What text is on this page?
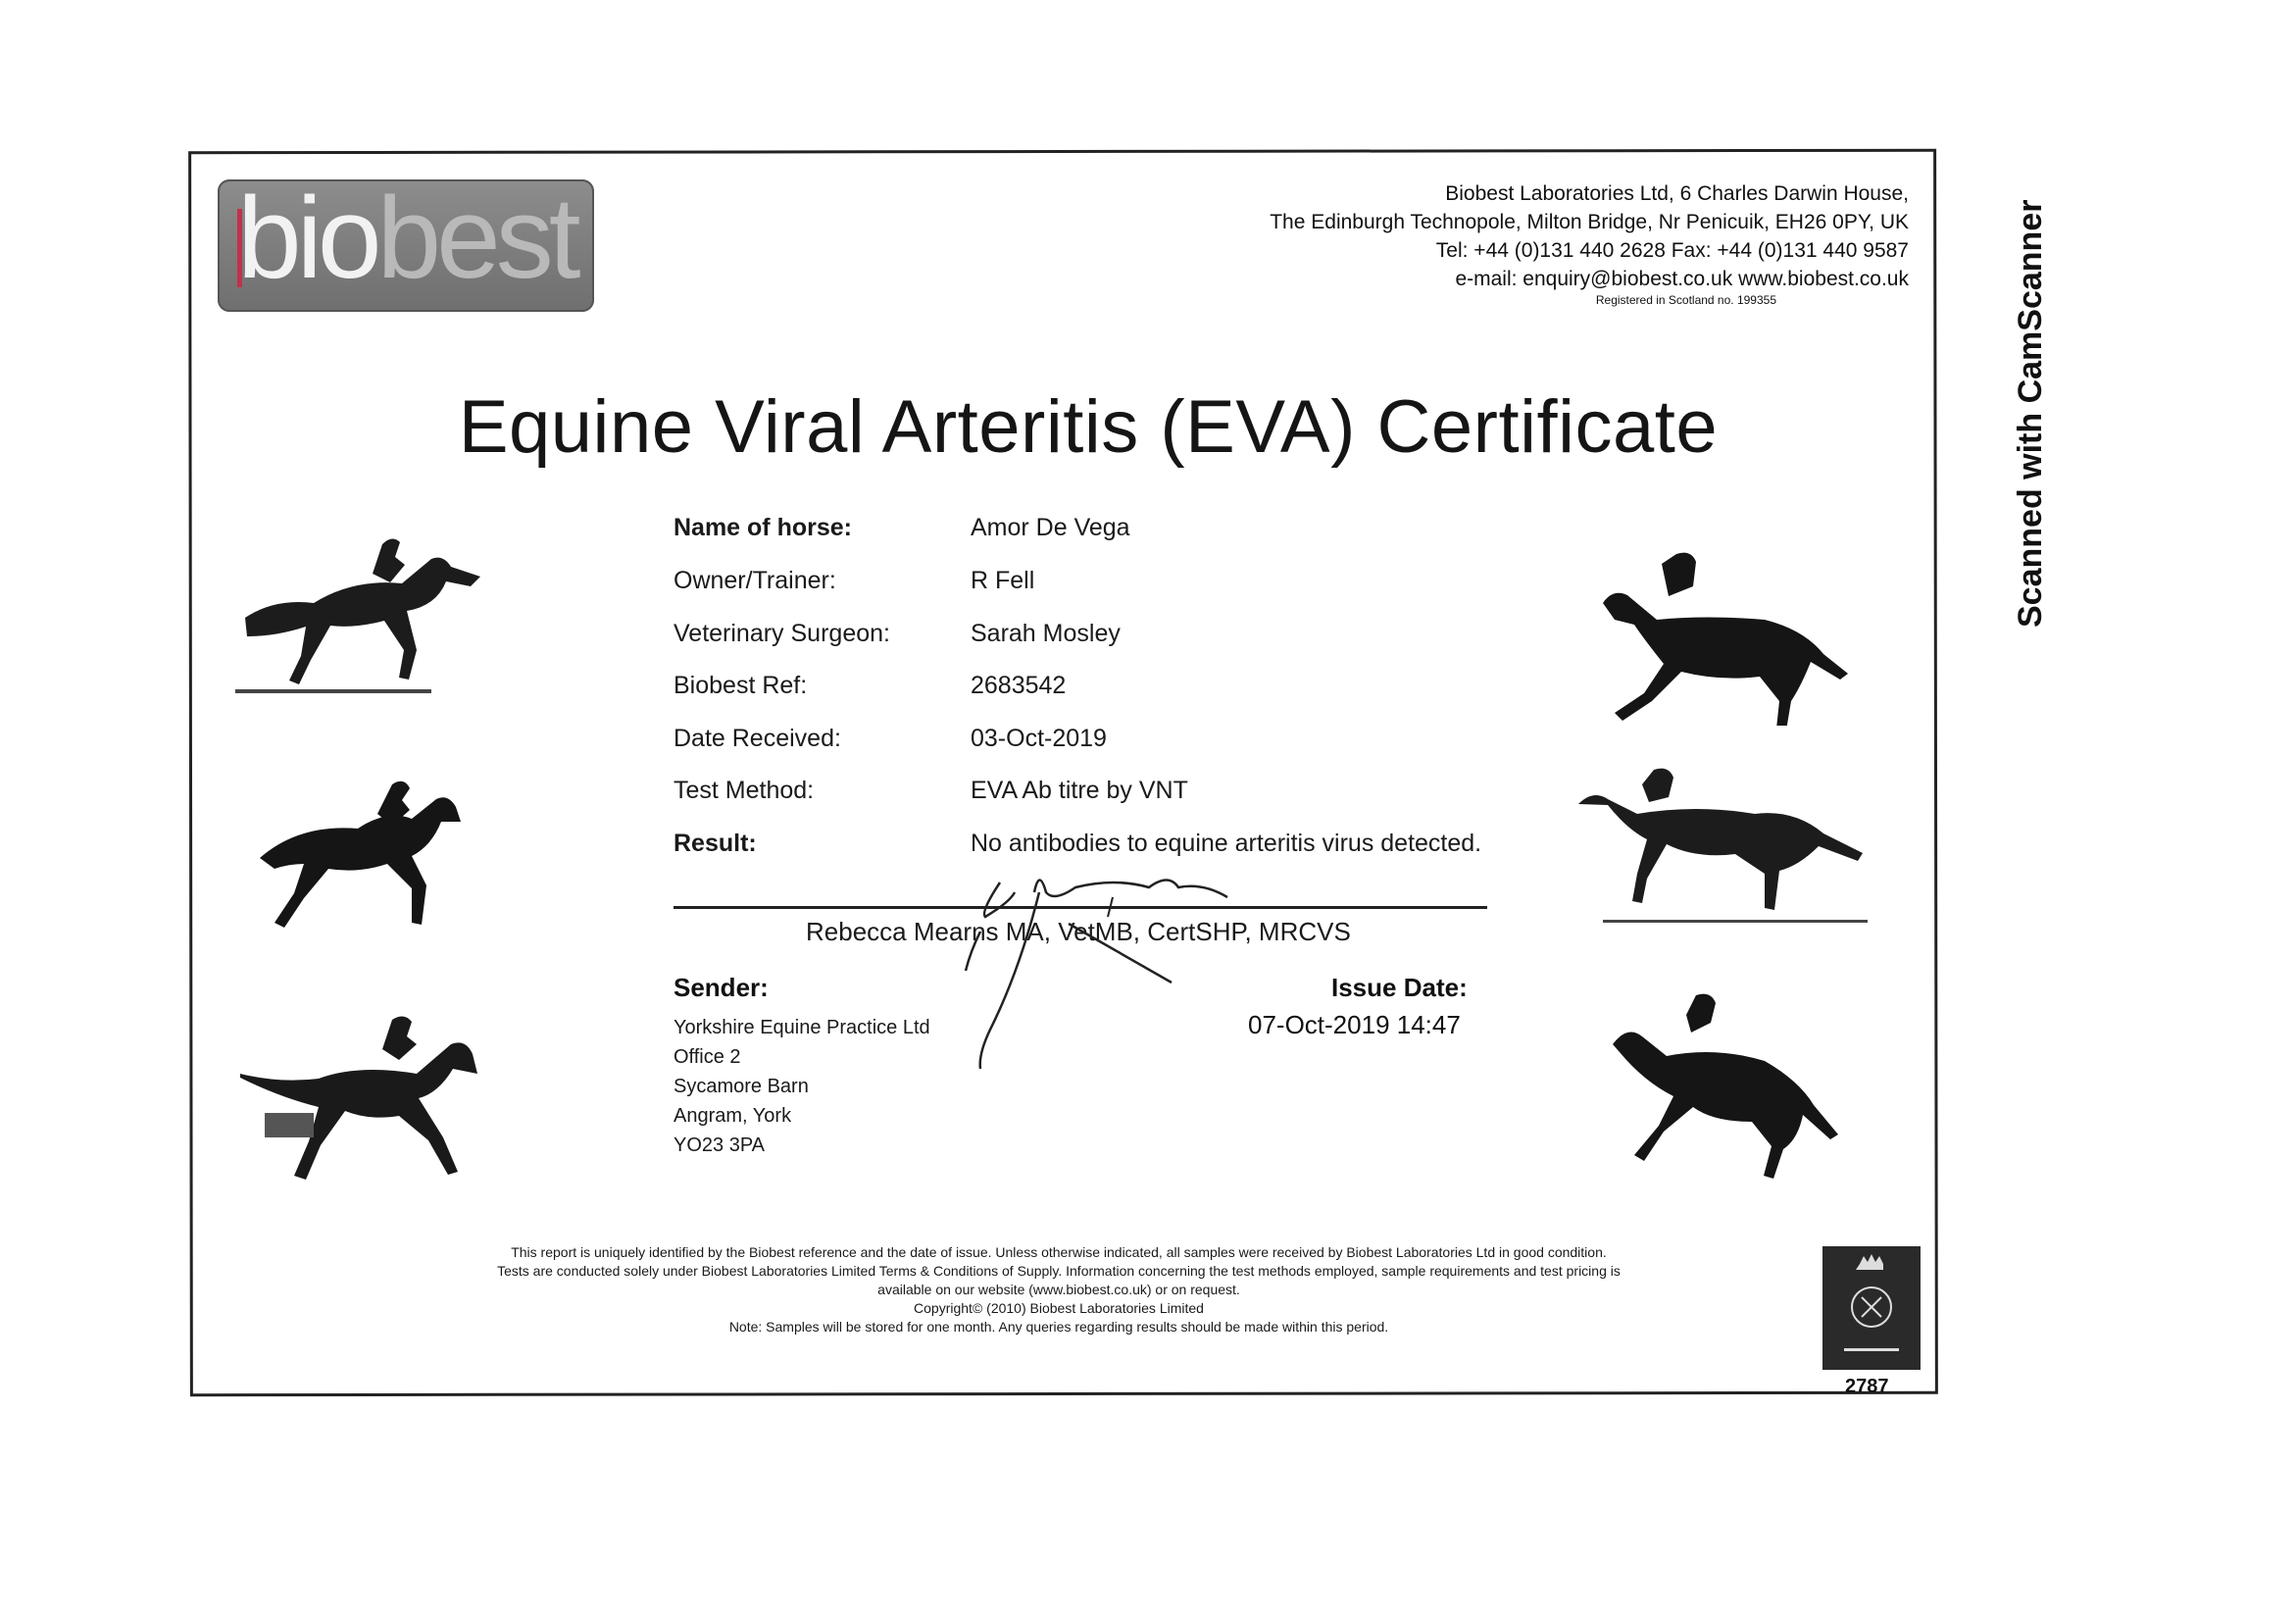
biobest	Biobest Laboratories Ltd, 6 Charles Darwin House,
The Edinburgh Technopole, Milton Bridge, Nr Penicuik, EH26 0PY, UK
Tel: +44 (0)131 440 2628 Fax: +44 (0)131 440 9587
e-mail: enquiry@biobest.co.uk www.biobest.co.uk
Registered in Scotland no. 199355
Equine Viral Arteritis (EVA) Certificate
Name of horse:	Amor De Vega
Owner/Trainer:	R Fell
Veterinary Surgeon:	Sarah Mosley
Biobest Ref:	2683542
Date Received:	03-Oct-2019
Test Method:	EVA Ab titre by VNT
Result:	No antibodies to equine arteritis virus detected.
Rebecca Mearns MA, VetMB, CertSHP, MRCVS
Sender:
Yorkshire Equine Practice Ltd
Office 2
Sycamore Barn
Angram, York
YO23 3PA
Issue Date:
07-Oct-2019 14:47
This report is uniquely identified by the Biobest reference and the date of issue. Unless otherwise indicated, all samples were received by Biobest Laboratories Ltd in good condition.
Tests are conducted solely under Biobest Laboratories Limited Terms & Conditions of Supply. Information concerning the test methods employed, sample requirements and test pricing is
available on our website (www.biobest.co.uk) or on request.
Copyright© (2010) Biobest Laboratories Limited
Note: Samples will be stored for one month. Any queries regarding results should be made within this period.
2787
Scanned with CamScanner
